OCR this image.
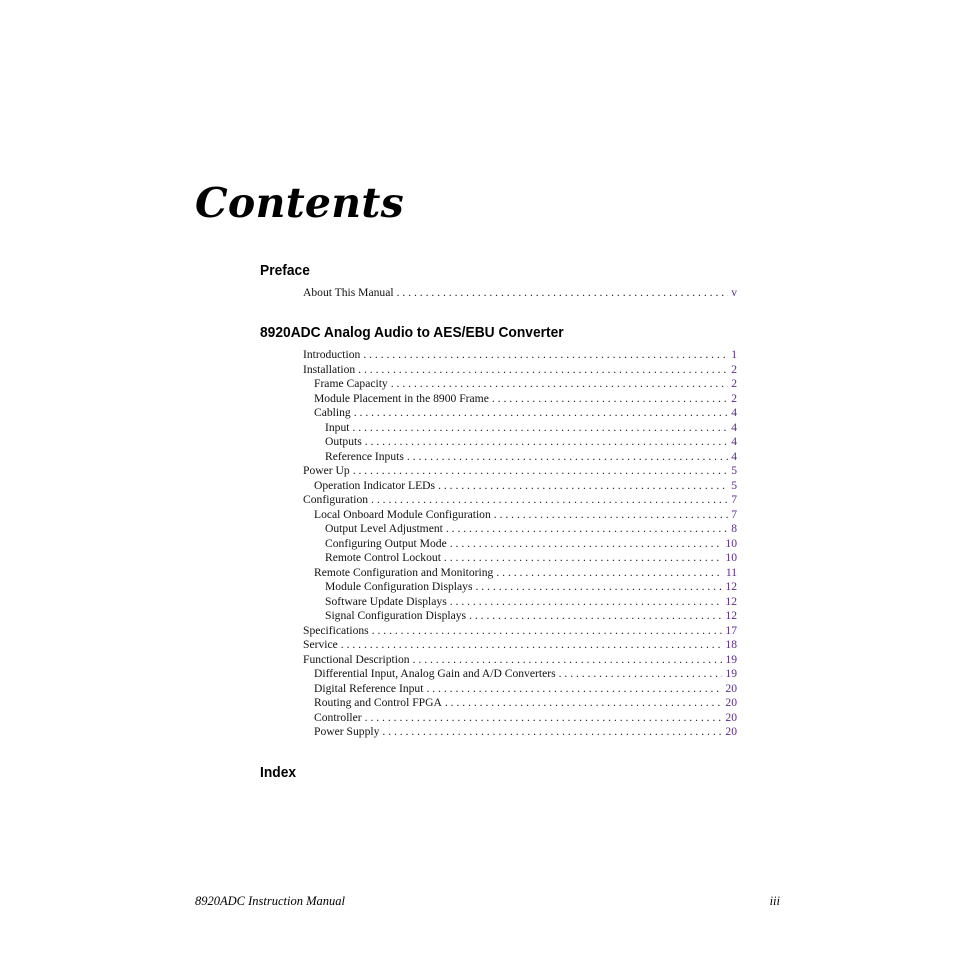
Contents
Preface
About This Manual . . .	v
8920ADC Analog Audio to AES/EBU Converter
Introduction . . .	1
Installation . . .	2
Frame Capacity . . .	2
Module Placement in the 8900 Frame . . .	2
Cabling . . .	4
Input . . .	4
Outputs . . .	4
Reference Inputs . . .	4
Power Up . . .	5
Operation Indicator LEDs . . .	5
Configuration . . .	7
Local Onboard Module Configuration . . .	7
Output Level Adjustment . . .	8
Configuring Output Mode . . .	10
Remote Control Lockout . . .	10
Remote Configuration and Monitoring . . .	11
Module Configuration Displays . . .	12
Software Update Displays . . .	12
Signal Configuration Displays . . .	12
Specifications . . .	17
Service . . .	18
Functional Description . . .	19
Differential Input, Analog Gain and A/D Converters . . .	19
Digital Reference Input . . .	20
Routing and Control FPGA . . .	20
Controller . . .	20
Power Supply . . .	20
Index
8920ADC Instruction Manual	iii
